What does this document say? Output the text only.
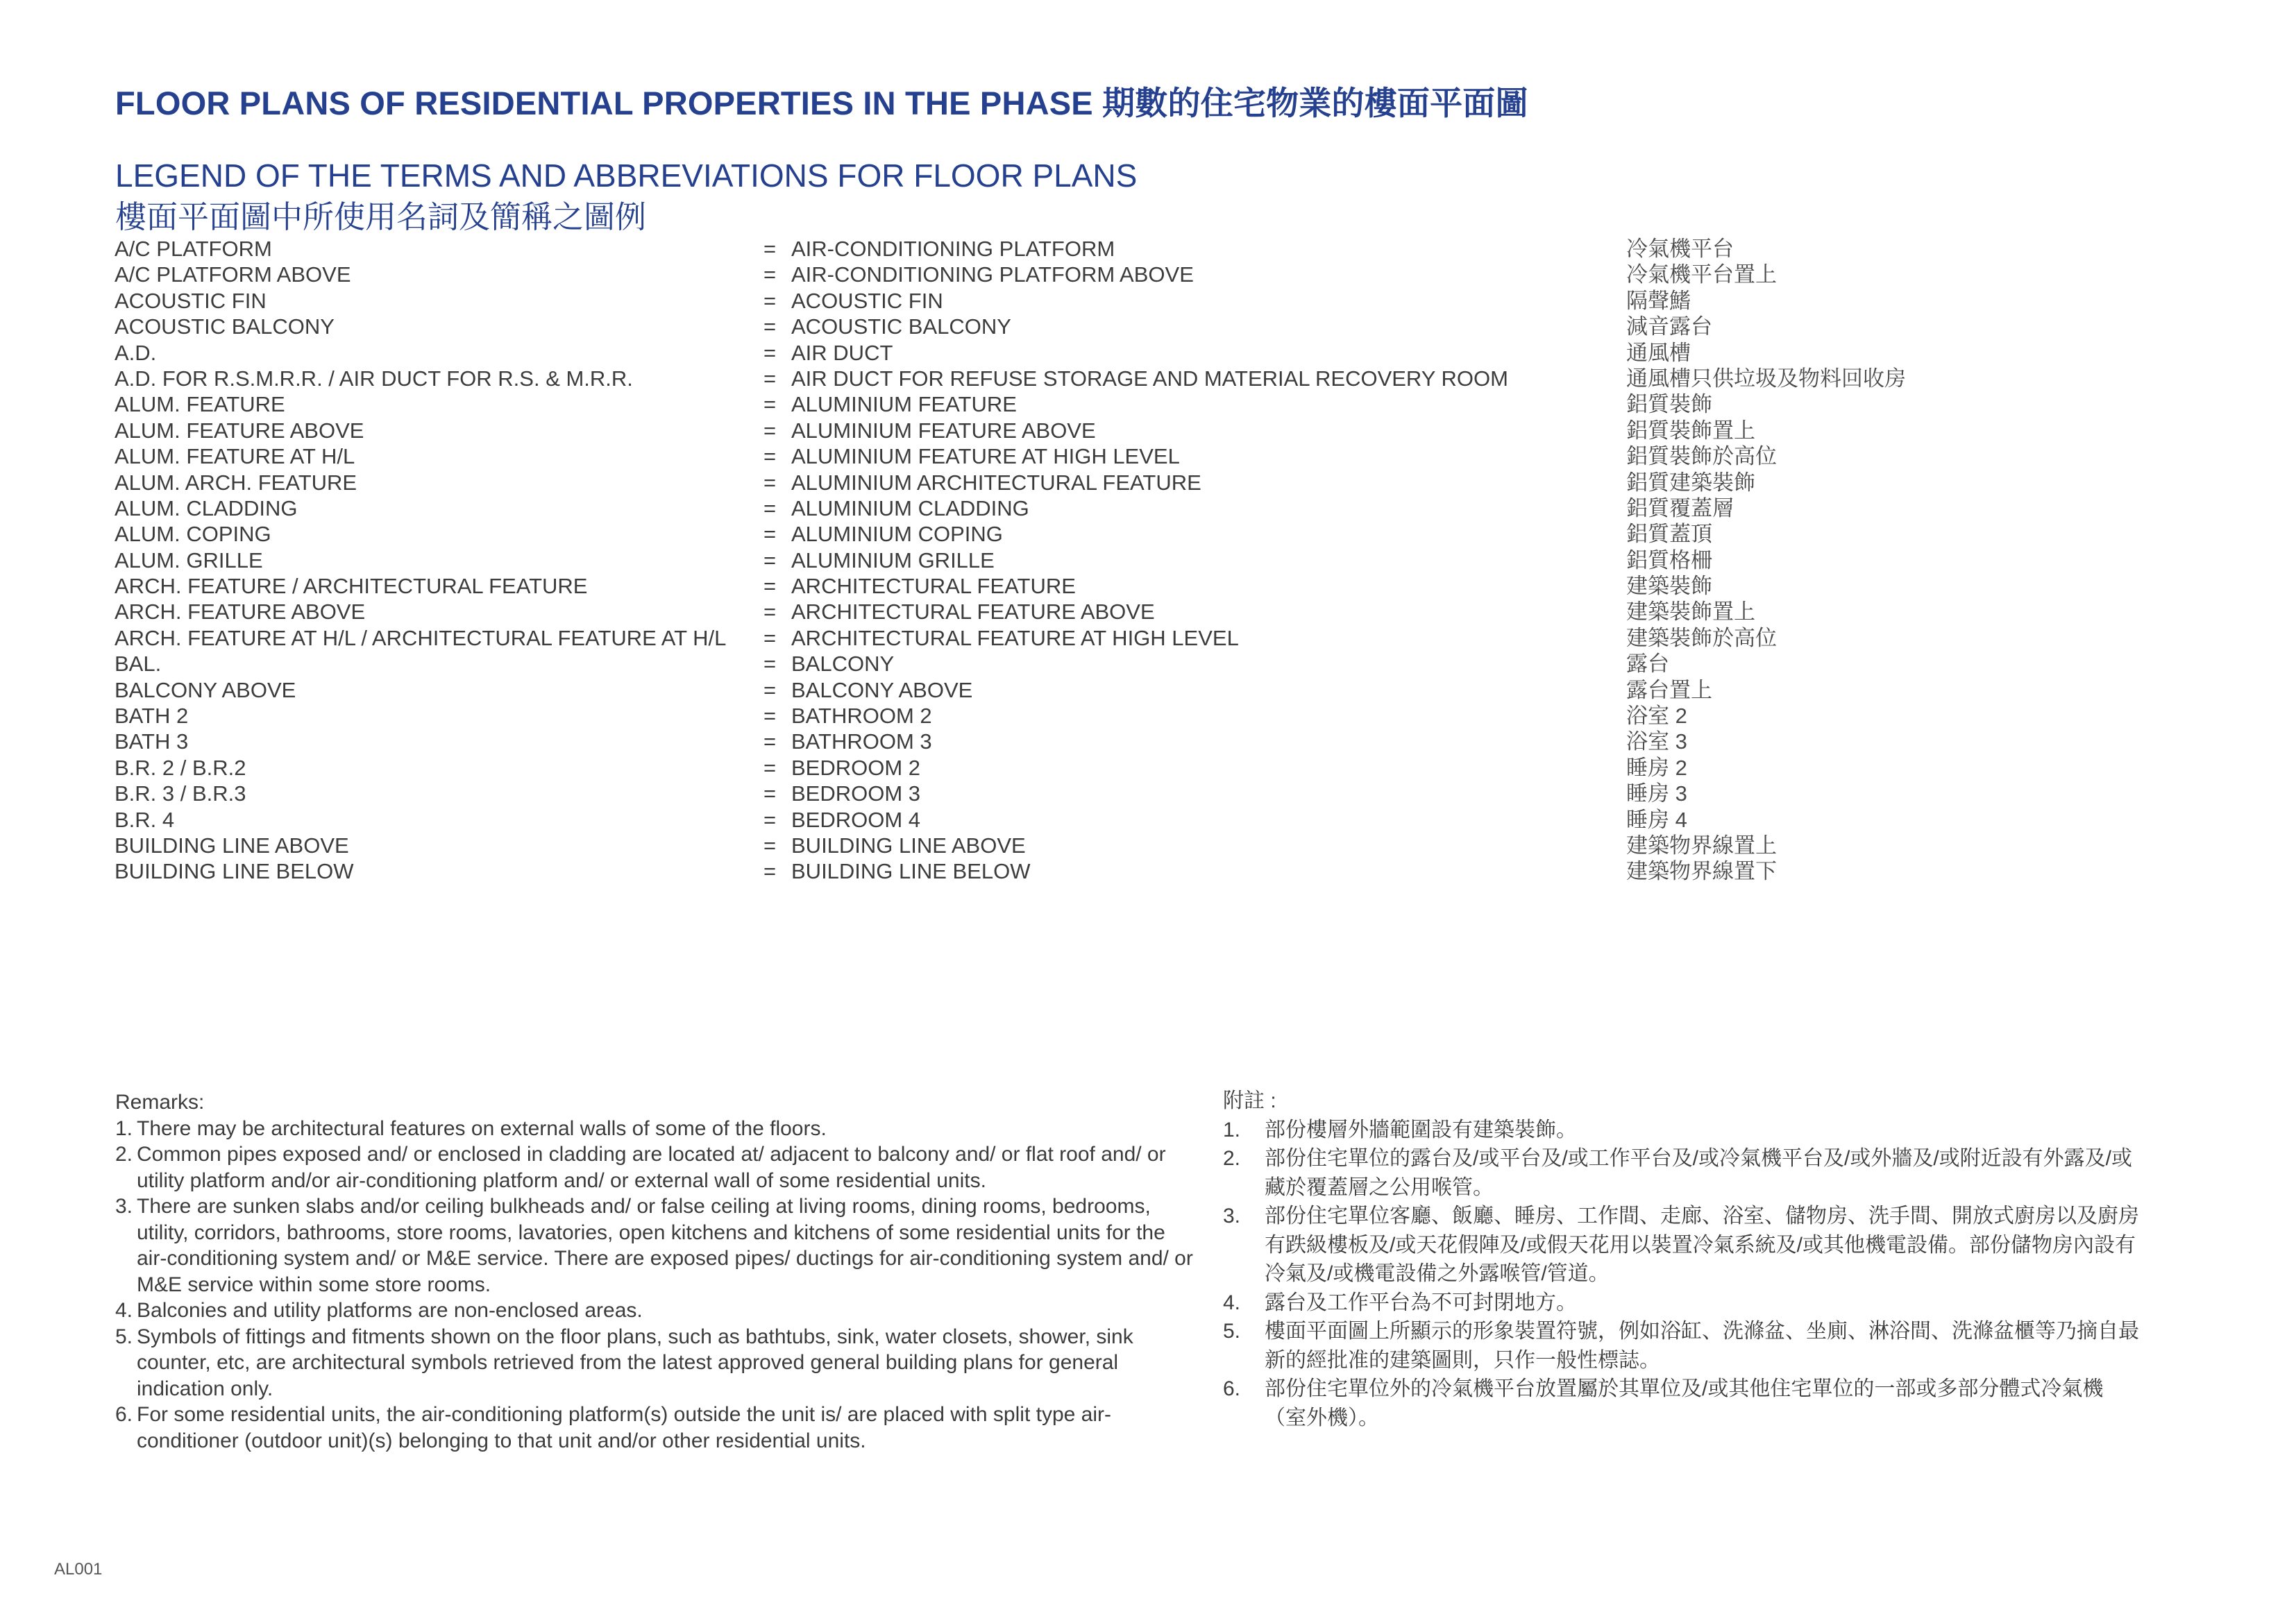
FLOOR PLANS OF RESIDENTIAL PROPERTIES IN THE PHASE 期數的住宅物業的樓面平面圖
LEGEND OF THE TERMS AND ABBREVIATIONS FOR FLOOR PLANS
樓面平面圖中所使用名詞及簡稱之圖例
A/C PLATFORM	= AIR-CONDITIONING PLATFORM	冷氣機平台
A/C PLATFORM ABOVE	= AIR-CONDITIONING PLATFORM ABOVE	冷氣機平台置上
ACOUSTIC FIN	= ACOUSTIC FIN	隔聲鰭
ACOUSTIC BALCONY	= ACOUSTIC BALCONY	減音露台
A.D.	= AIR DUCT	通風槽
A.D. FOR R.S.M.R.R. / AIR DUCT FOR R.S. & M.R.R.	= AIR DUCT FOR REFUSE STORAGE AND MATERIAL RECOVERY ROOM	通風槽只供垃圾及物料回收房
ALUM. FEATURE	= ALUMINIUM FEATURE	鋁質裝飾
ALUM. FEATURE ABOVE	= ALUMINIUM FEATURE ABOVE	鋁質裝飾置上
ALUM. FEATURE AT H/L	= ALUMINIUM FEATURE AT HIGH LEVEL	鋁質裝飾於高位
ALUM. ARCH. FEATURE	= ALUMINIUM ARCHITECTURAL FEATURE	鋁質建築裝飾
ALUM. CLADDING	= ALUMINIUM CLADDING	鋁質覆蓋層
ALUM. COPING	= ALUMINIUM COPING	鋁質蓋頂
ALUM. GRILLE	= ALUMINIUM GRILLE	鋁質格柵
ARCH. FEATURE / ARCHITECTURAL FEATURE	= ARCHITECTURAL FEATURE	建築裝飾
ARCH. FEATURE ABOVE	= ARCHITECTURAL FEATURE ABOVE	建築裝飾置上
ARCH. FEATURE AT H/L / ARCHITECTURAL FEATURE AT H/L = ARCHITECTURAL FEATURE AT HIGH LEVEL	建築裝飾於高位
BAL.	= BALCONY	露台
BALCONY ABOVE	= BALCONY ABOVE	露台置上
BATH 2	= BATHROOM 2	浴室 2
BATH 3	= BATHROOM 3	浴室 3
B.R. 2 / B.R.2	= BEDROOM 2	睡房 2
B.R. 3 / B.R.3	= BEDROOM 3	睡房 3
B.R. 4	= BEDROOM 4	睡房 4
BUILDING LINE ABOVE	= BUILDING LINE ABOVE	建築物界線置上
BUILDING LINE BELOW	= BUILDING LINE BELOW	建築物界線置下
Remarks:
1. There may be architectural features on external walls of some of the floors.
2. Common pipes exposed and/ or enclosed in cladding are located at/ adjacent to balcony and/ or flat roof and/ or utility platform and/or air-conditioning platform and/ or external wall of some residential units.
3. There are sunken slabs and/or ceiling bulkheads and/ or false ceiling at living rooms, dining rooms, bedrooms, utility, corridors, bathrooms, store rooms, lavatories, open kitchens and kitchens of some residential units for the air-conditioning system and/ or M&E service. There are exposed pipes/ ductings for air-conditioning system and/ or M&E service within some store rooms.
4. Balconies and utility platforms are non-enclosed areas.
5. Symbols of fittings and fitments shown on the floor plans, such as bathtubs, sink, water closets, shower, sink counter, etc, are architectural symbols retrieved from the latest approved general building plans for general indication only.
6. For some residential units, the air-conditioning platform(s) outside the unit is/ are placed with split type air-conditioner (outdoor unit)(s) belonging to that unit and/or other residential units.
附註 :
1. 部份樓層外牆範圍設有建築裝飾。
2. 部份住宅單位的露台及/或平台及/或工作平台及/或冷氣機平台及/或外牆及/或附近設有外露及/或藏於覆蓋層之公用喉管。
3. 部份住宅單位客廳、飯廳、睡房、工作間、走廊、浴室、儲物房、洗手間、開放式廚房以及廚房有跌級樓板及/或天花假陣及/或假天花用以裝置冷氣系統及/或其他機電設備。部份儲物房內設有冷氣及/或機電設備之外露喉管/管道。
4. 露台及工作平台為不可封閉地方。
5. 樓面平面圖上所顯示的形象裝置符號，例如浴缸、洗滌盆、坐廁、淋浴間、洗滌盆櫃等乃摘自最新的經批准的建築圖則，只作一般性標誌。
6. 部份住宅單位外的冷氣機平台放置屬於其單位及/或其他住宅單位的一部或多部分體式冷氣機（室外機）。
AL001
